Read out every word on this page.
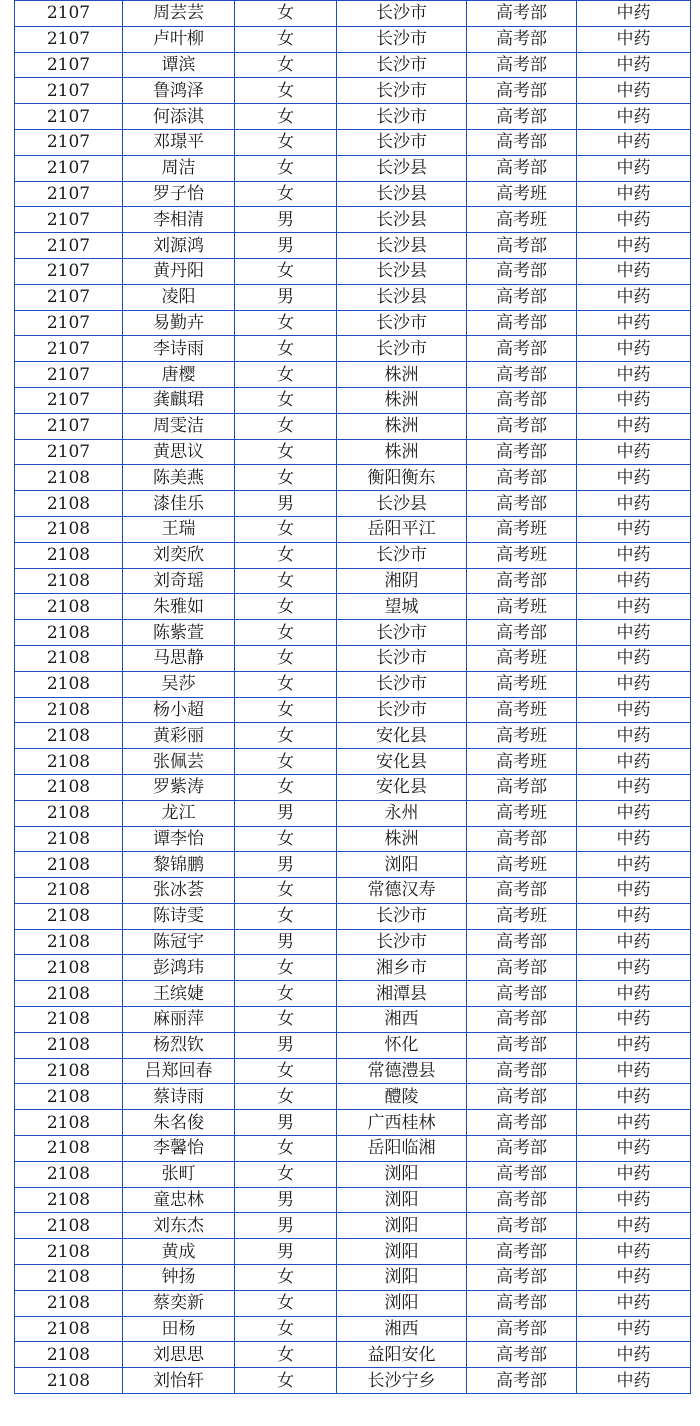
2107	周芸芸	女	长沙市	高考部	中药
2107	卢叶柳	女	长沙市	高考部	中药
2107	谭滨	女	长沙市	高考部	中药
2107	鲁鸿泽	女	长沙市	高考部	中药
2107	何添淇	女	长沙市	高考部	中药
2107	邓璟平	女	长沙市	高考部	中药
2107	周洁	女	长沙县	高考部	中药
2107	罗子怡	女	长沙县	高考班	中药
2107	李相清	男	长沙县	高考班	中药
2107	刘源鸿	男	长沙县	高考部	中药
2107	黄丹阳	女	长沙县	高考部	中药
2107	凌阳	男	长沙县	高考部	中药
2107	易勤卉	女	长沙市	高考部	中药
2107	李诗雨	女	长沙市	高考部	中药
2107	唐樱	女	株洲	高考部	中药
2107	龚麒珺	女	株洲	高考部	中药
2107	周雯洁	女	株洲	高考部	中药
2107	黄思议	女	株洲	高考部	中药
2108	陈美燕	女	衡阳衡东	高考部	中药
2108	漆佳乐	男	长沙县	高考部	中药
2108	王瑞	女	岳阳平江	高考班	中药
2108	刘奕欣	女	长沙市	高考班	中药
2108	刘奇瑶	女	湘阴	高考部	中药
2108	朱雅如	女	望城	高考班	中药
2108	陈紫萱	女	长沙市	高考部	中药
2108	马思静	女	长沙市	高考班	中药
2108	吴莎	女	长沙市	高考班	中药
2108	杨小超	女	长沙市	高考班	中药
2108	黄彩丽	女	安化县	高考班	中药
2108	张佩芸	女	安化县	高考班	中药
2108	罗紫涛	女	安化县	高考部	中药
2108	龙江	男	永州	高考班	中药
2108	谭李怡	女	株洲	高考部	中药
2108	黎锦鹏	男	浏阳	高考班	中药
2108	张冰荟	女	常德汉寿	高考部	中药
2108	陈诗雯	女	长沙市	高考班	中药
2108	陈冠宇	男	长沙市	高考部	中药
2108	彭鸿玮	女	湘乡市	高考部	中药
2108	王缤婕	女	湘潭县	高考部	中药
2108	麻丽萍	女	湘西	高考部	中药
2108	杨烈钦	男	怀化	高考部	中药
2108	吕郑回春	女	常德澧县	高考部	中药
2108	蔡诗雨	女	醴陵	高考部	中药
2108	朱名俊	男	广西桂林	高考部	中药
2108	李馨怡	女	岳阳临湘	高考部	中药
2108	张町	女	浏阳	高考部	中药
2108	童忠林	男	浏阳	高考部	中药
2108	刘东杰	男	浏阳	高考部	中药
2108	黄成	男	浏阳	高考部	中药
2108	钟扬	女	浏阳	高考部	中药
2108	蔡奕新	女	浏阳	高考部	中药
2108	田杨	女	湘西	高考部	中药
2108	刘思思	女	益阳安化	高考部	中药
2108	刘怡轩	女	长沙宁乡	高考部	中药
